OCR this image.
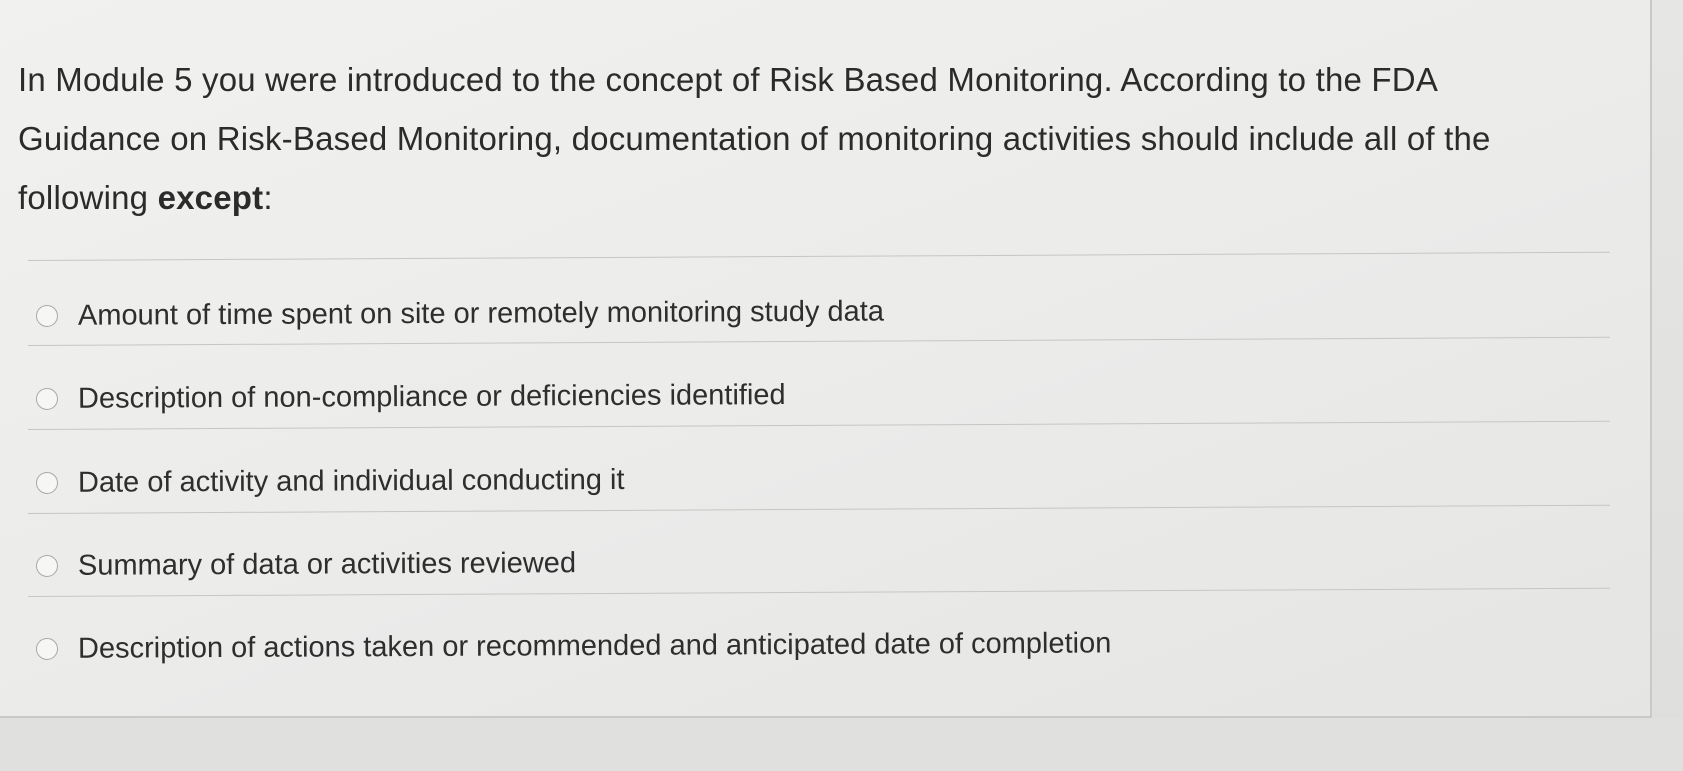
In Module 5 you were introduced to the concept of Risk Based Monitoring. According to the FDA Guidance on Risk-Based Monitoring, documentation of monitoring activities should include all of the following except:

Amount of time spent on site or remotely monitoring study data
Description of non-compliance or deficiencies identified
Date of activity and individual conducting it
Summary of data or activities reviewed
Description of actions taken or recommended and anticipated date of completion
